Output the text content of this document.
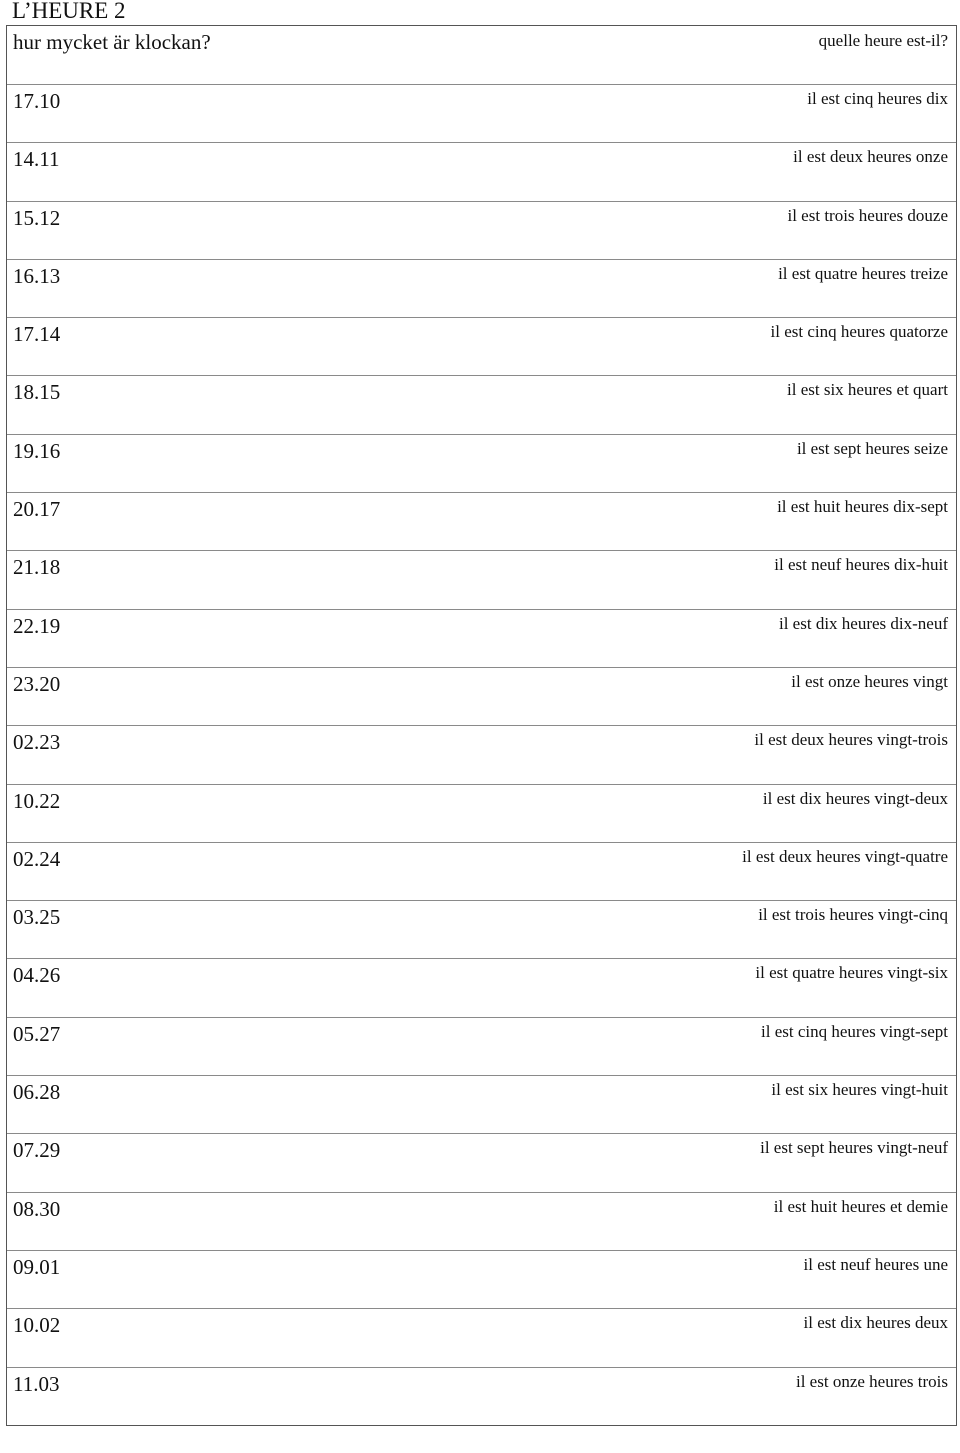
L’HEURE 2
hur mycket är klockan?	quelle heure est-il?
17.10	il est cinq heures dix
14.11	il est deux heures onze
15.12	il est trois heures douze
16.13	il est quatre heures treize
17.14	il est cinq heures quatorze
18.15	il est six heures et quart
19.16	il est sept heures seize
20.17	il est huit heures dix-sept
21.18	il est neuf heures dix-huit
22.19	il est dix heures dix-neuf
23.20	il est onze heures vingt
02.23	il est deux heures vingt-trois
10.22	il est dix heures vingt-deux
02.24	il est deux heures vingt-quatre
03.25	il est trois heures vingt-cinq
04.26	il est quatre heures vingt-six
05.27	il est cinq heures vingt-sept
06.28	il est six heures vingt-huit
07.29	il est sept heures vingt-neuf
08.30	il est huit heures et demie
09.01	il est neuf heures une
10.02	il est dix heures deux
11.03	il est onze heures trois
